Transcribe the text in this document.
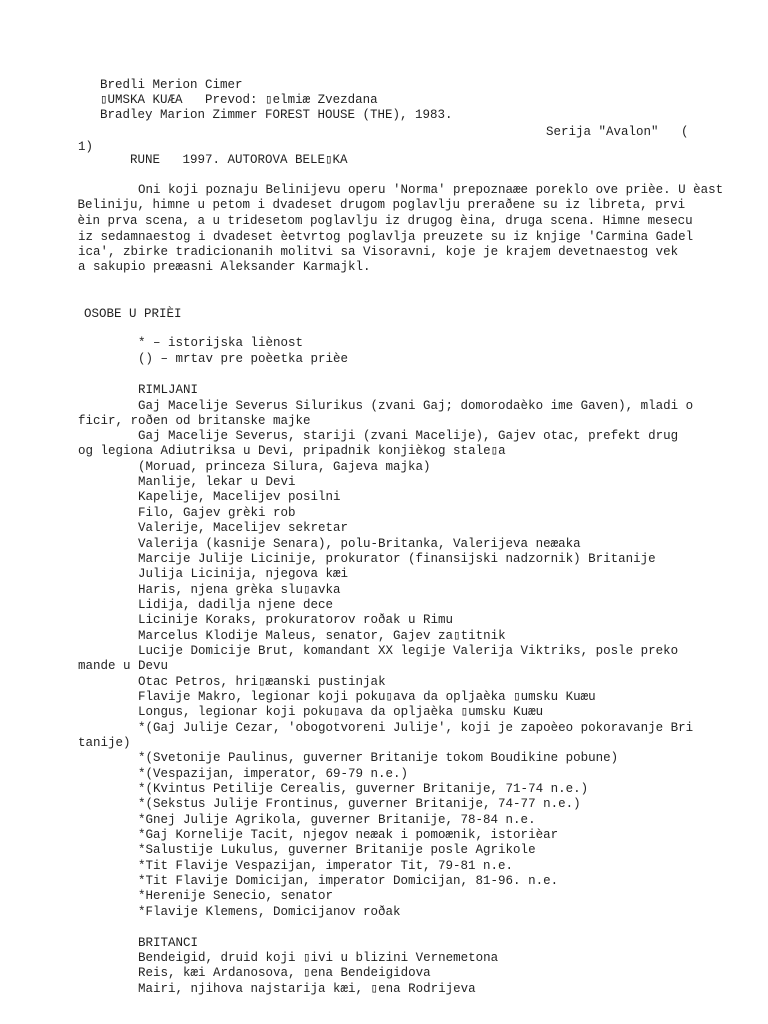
Bredli Merion Cimer
▯UMSKA KUÆA   Prevod: ▯elmiæ Zvezdana
Bradley Marion Zimmer FOREST HOUSE (THE), 1983.
Serija "Avalon"   (
1)
RUNE   1997. AUTOROVA BELE▯KA
Oni koji poznaju Belinijevu operu 'Norma' prepoznaæe poreklo ove prièe. U èast
Beliniju, himne u petom i dvadeset drugom poglavlju preraðene su iz libreta, prvi
èin prva scena, a u tridesetom poglavlju iz drugog èina, druga scena. Himne mesecu
iz sedamnaestog i dvadeset èetvrtog poglavlja preuzete su iz knjige 'Carmina Gadel
ica', zbirke tradicionanih molitvi sa Visoravni, koje je krajem devetnaestog vek
a sakupio preæasni Aleksander Karmajkl.
OSOBE U PRIÈI
* – istorijska liènost
() – mrtav pre poèetka prièe
RIMLJANI
Gaj Macelije Severus Silurikus (zvani Gaj; domorodaèko ime Gaven), mladi o
ficir, roðen od britanske majke
Gaj Macelije Severus, stariji (zvani Macelije), Gajev otac, prefekt drug
og legiona Adiutriksa u Devi, pripadnik konjièkog stale▯a
(Moruad, princeza Silura, Gajeva majka)
Manlije, lekar u Devi
Kapelije, Macelijev posilni
Filo, Gajev grèki rob
Valerije, Macelijev sekretar
Valerija (kasnije Senara), polu-Britanka, Valerijeva neæaka
Marcije Julije Licinije, prokurator (finansijski nadzornik) Britanije
Julija Licinija, njegova kæi
Haris, njena grèka slu▯avka
Lidija, dadilja njene dece
Licinije Koraks, prokuratorov roðak u Rimu
Marcelus Klodije Maleus, senator, Gajev za▯titnik
Lucije Domicije Brut, komandant XX legije Valerija Viktriks, posle preko
mande u Devu
Otac Petros, hri▯æanski pustinjak
Flavije Makro, legionar koji poku▯ava da opljaèka ▯umsku Kuæu
Longus, legionar koji poku▯ava da opljaèka ▯umsku Kuæu
*(Gaj Julije Cezar, 'obogotvoreni Julije', koji je zapoèeo pokoravanje Bri
tanije)
*(Svetonije Paulinus, guverner Britanije tokom Boudikine pobune)
*(Vespazijan, imperator, 69-79 n.e.)
*(Kvintus Petilije Cerealis, guverner Britanije, 71-74 n.e.)
*(Sekstus Julije Frontinus, guverner Britanije, 74-77 n.e.)
*Gnej Julije Agrikola, guverner Britanije, 78-84 n.e.
*Gaj Kornelije Tacit, njegov neæak i pomoænik, istorièar
*Salustije Lukulus, guverner Britanije posle Agrikole
*Tit Flavije Vespazijan, imperator Tit, 79-81 n.e.
*Tit Flavije Domicijan, imperator Domicijan, 81-96. n.e.
*Herenije Senecio, senator
*Flavije Klemens, Domicijanov roðak
BRITANCI
Bendeigid, druid koji ▯ivi u blizini Vernemetona
Reis, kæi Ardanosova, ▯ena Bendeigidova
Mairi, njihova najstarija kæi, ▯ena Rodrijeva
